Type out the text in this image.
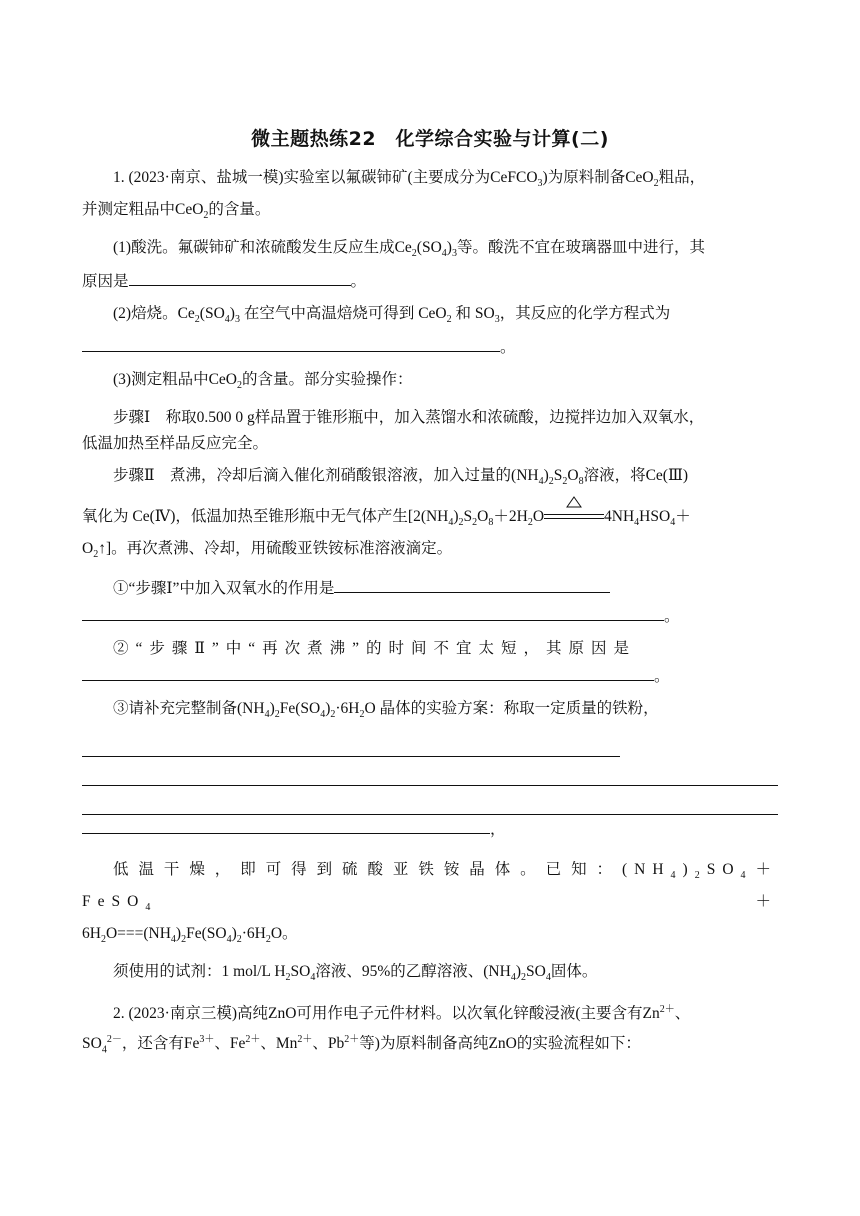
微主题热练22　化学综合实验与计算(二)

1. (2023·南京、盐城一模)实验室以氟碳铈矿(主要成分为CeFCO$_3$)为原料制备CeO$_2$粗品，

并测定粗品中CeO$_2$的含量。

(1)酸洗。氟碳铈矿和浓硫酸发生反应生成$Ce_2(SO_4)_3$等。酸洗不宜在玻璃器皿中进行，其

原因是	。

(2)焙烧。$Ce_2(SO_4)_3$ 在空气中高温焙烧可得到 CeO$_2$ 和 $SO_3$，其反应的化学方程式为

。

(3)测定粗品中CeO$_2$的含量。部分实验操作：

步骤Ⅰ　称取0.500 0 g样品置于锥形瓶中，加入蒸馏水和浓硫酸，边搅拌边加入双氧水，

低温加热至样品反应完全。

步骤Ⅱ　煮沸，冷却后滴入催化剂硝酸银溶液，加入过量的$(NH_4)_2S_2O_8$溶液，将Ce(Ⅲ)

氧化为 Ce(Ⅳ)，低温加热至锥形瓶中无气体产生[$2(NH_4)_2S_2O_8+2H_2O$	$4NH_4HSO_4+$

$O_2↑$]。再次煮沸、冷却，用硫酸亚铁铵标准溶液滴定。

①“步骤Ⅰ”中加入双氧水的作用是

。

②“步骤Ⅱ”中“再次煮沸”的时间不宜太短，其原因是

。

③请补充完整制备$(NH_4)_2Fe(SO_4)_2\cdot 6H_2O$ 晶体的实验方案：称取一定质量的铁粉，

，

低温干燥，即可得到硫酸亚铁铵晶体。已知：$(NH_4)_2SO_4+FeSO_4+$

$6H_2O===(NH_4)_2Fe(SO_4)_2\cdot 6H_2O$。

须使用的试剂：1 mol/L $H_2SO_4$溶液、95%的乙醇溶液、$(NH_4)_2SO_4$固体。

2. (2023·南京三模)高纯ZnO可用作电子元件材料。以次氧化锌酸浸液(主要含有$Zn^{2+}$、

$SO_4^{2-}$，还含有$Fe^{3+}$、$Fe^{2+}$、$Mn^{2+}$、$Pb^{2+}$等)为原料制备高纯ZnO的实验流程如下：
